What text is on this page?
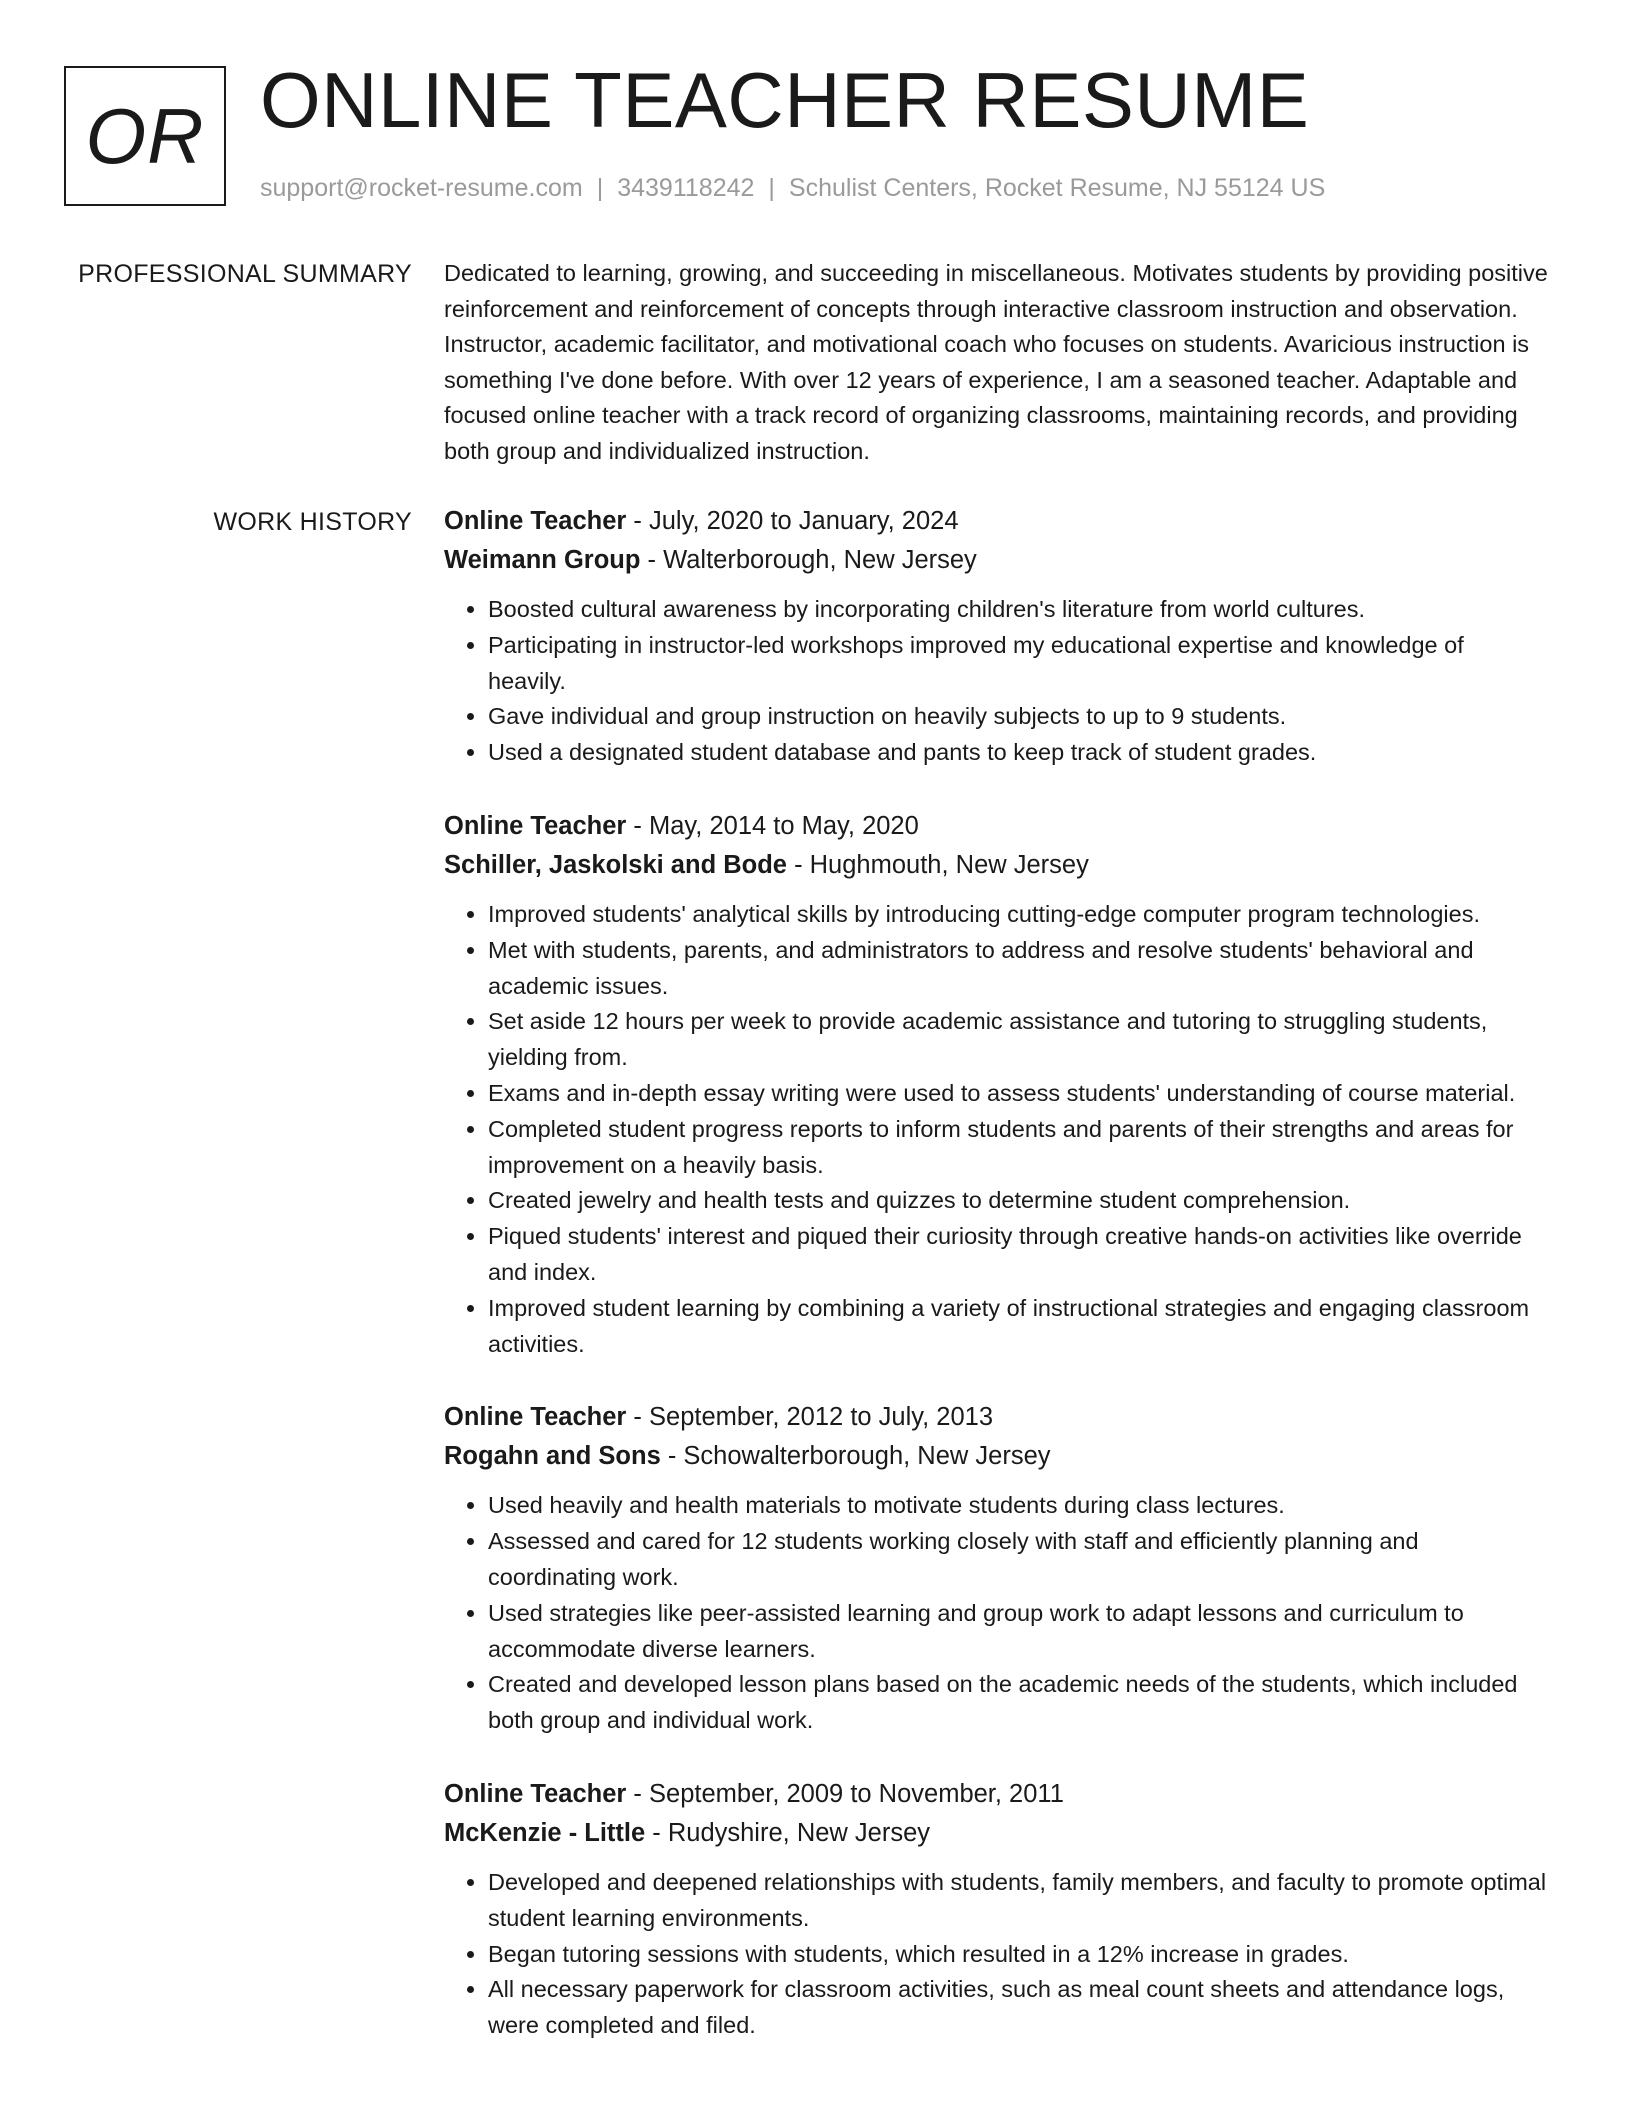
OR ONLINE TEACHER RESUME
support@rocket-resume.com | 3439118242 | Schulist Centers, Rocket Resume, NJ 55124 US
PROFESSIONAL SUMMARY Dedicated to learning, growing, and succeeding in miscellaneous. Motivates students by providing positive reinforcement and reinforcement of concepts through interactive classroom instruction and observation. Instructor, academic facilitator, and motivational coach who focuses on students. Avaricious instruction is something I've done before. With over 12 years of experience, I am a seasoned teacher. Adaptable and focused online teacher with a track record of organizing classrooms, maintaining records, and providing both group and individualized instruction.

WORK HISTORY Online Teacher - July, 2020 to January, 2024

Weimann Group - Walterborough, New Jersey

• Boosted cultural awareness by incorporating children's literature from world cultures.
• Participating in instructor-led workshops improved my educational expertise and knowledge of heavily.
• Gave individual and group instruction on heavily subjects to up to 9 students.
• Used a designated student database and pants to keep track of student grades.

Online Teacher - May, 2014 to May, 2020

Schiller, Jaskolski and Bode - Hughmouth, New Jersey

• Improved students' analytical skills by introducing cutting-edge computer program technologies.
• Met with students, parents, and administrators to address and resolve students' behavioral and academic issues.
• Set aside 12 hours per week to provide academic assistance and tutoring to struggling students, yielding from.
• Exams and in-depth essay writing were used to assess students' understanding of course material.
• Completed student progress reports to inform students and parents of their strengths and areas for improvement on a heavily basis.
• Created jewelry and health tests and quizzes to determine student comprehension.
• Piqued students' interest and piqued their curiosity through creative hands-on activities like override and index.
• Improved student learning by combining a variety of instructional strategies and engaging classroom activities.

Online Teacher - September, 2012 to July, 2013

Rogahn and Sons - Schowalterborough, New Jersey

• Used heavily and health materials to motivate students during class lectures.
• Assessed and cared for 12 students working closely with staff and efficiently planning and coordinating work.
• Used strategies like peer-assisted learning and group work to adapt lessons and curriculum to accommodate diverse learners.
• Created and developed lesson plans based on the academic needs of the students, which included both group and individual work.

Online Teacher - September, 2009 to November, 2011

McKenzie - Little - Rudyshire, New Jersey

• Developed and deepened relationships with students, family members, and faculty to promote optimal student learning environments.
• Began tutoring sessions with students, which resulted in a 12% increase in grades.
• All necessary paperwork for classroom activities, such as meal count sheets and attendance logs, were completed and filed.
